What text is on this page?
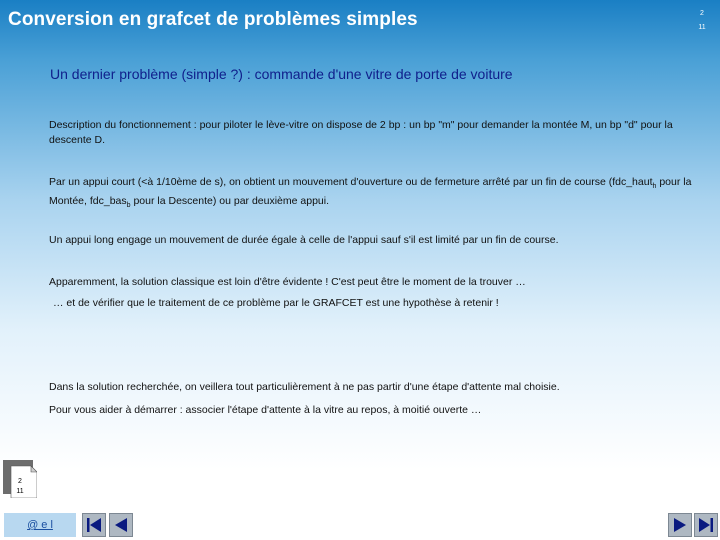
Conversion en grafcet de problèmes simples	2
11
Un dernier problème (simple ?) : commande d'une vitre de porte de voiture
Description du fonctionnement : pour piloter le lève-vitre on dispose de 2 bp : un bp "m" pour demander la montée M, un bp "d" pour la descente D.
Par un appui court (<à 1/10ème de s), on obtient un mouvement d'ouverture ou de fermeture arrêté par un fin de course (fdc_haut$_h$ pour la Montée, fdc_bas$_b$ pour la Descente) ou par deuxième appui.
Un appui long engage un mouvement de durée égale à celle de l'appui sauf s'il est limité par un fin de course.
Apparemment, la solution classique est loin d'être évidente ! C'est peut être le moment de la trouver …
… et de vérifier que le traitement de ce problème par le GRAFCET est une hypothèse à retenir !
Dans la solution recherchée, on veillera tout particulièrement à ne pas partir d'une étape d'attente mal choisie.
Pour vous aider à démarrer : associer l'étape d'attente à la vitre au repos, à moitié ouverte …
2
11
@ e l
